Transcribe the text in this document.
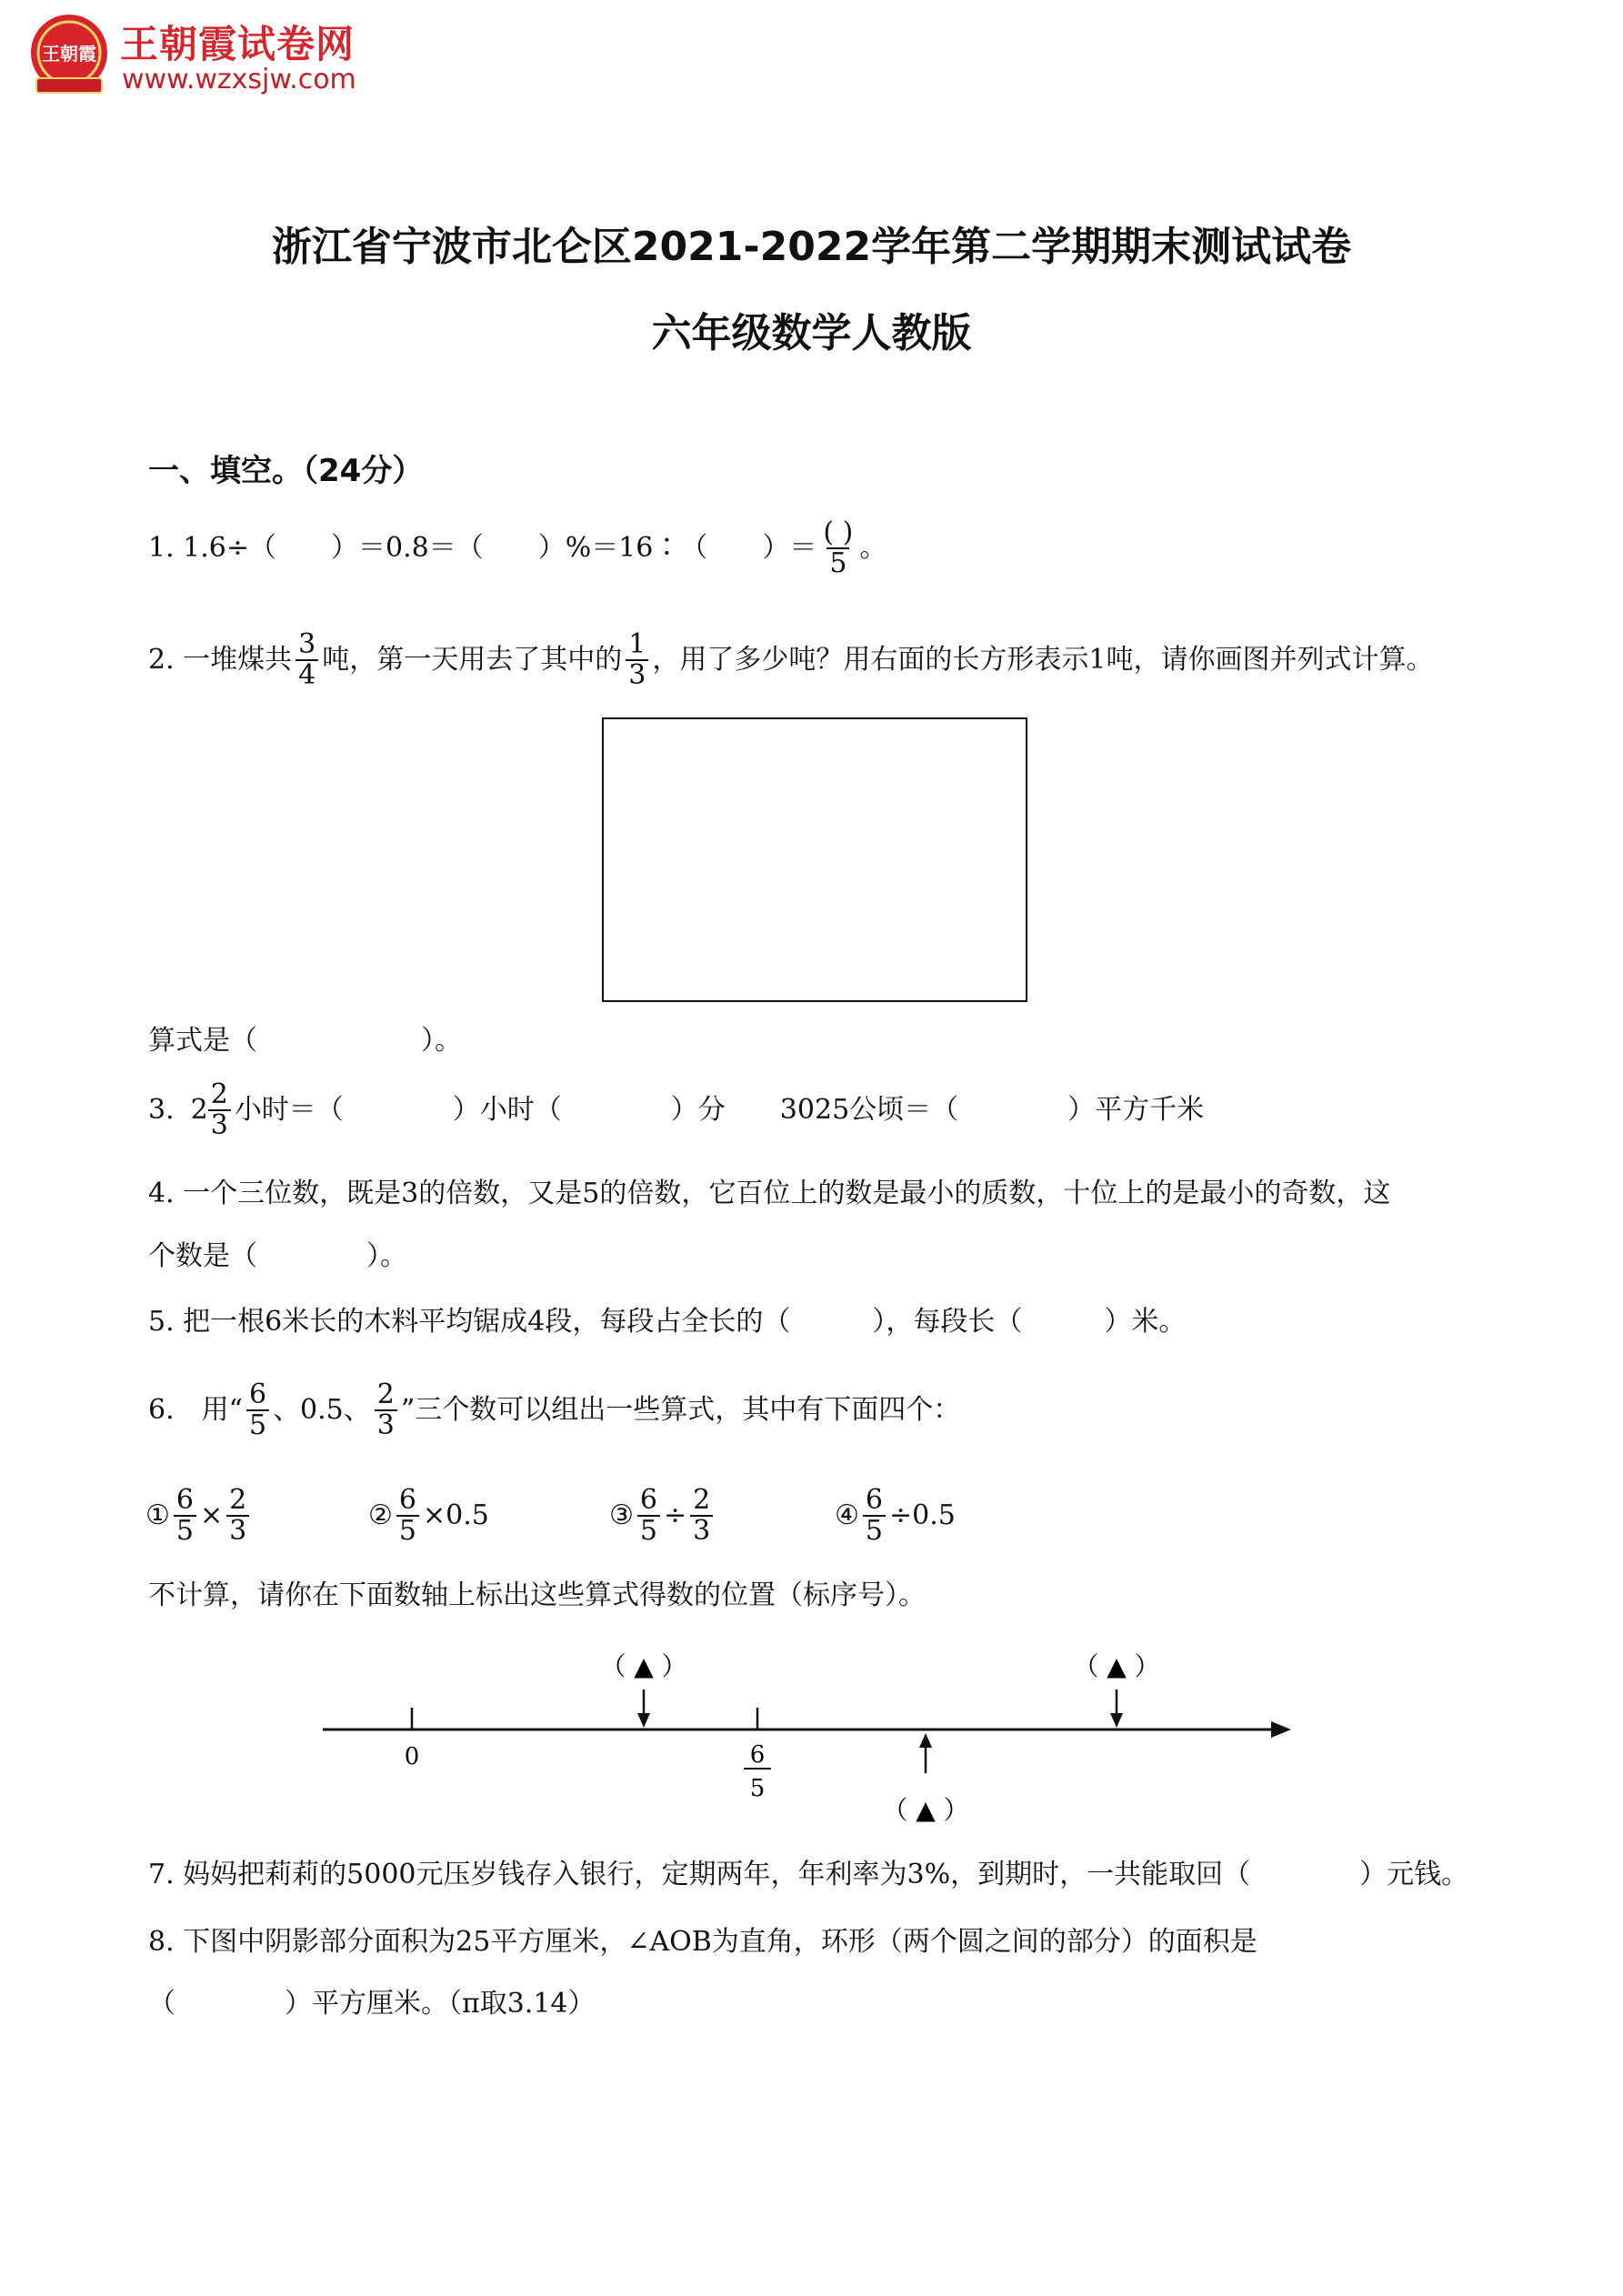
王朝霞 王朝霞试卷网
www.wzxsjw.com
浙江省宁波市北仑区2021-2022学年第二学期期末测试试卷
六年级数学人教版
一、填空。（24分）
1. 1.6÷（　　）＝0.8＝（　　）%＝16∶（　　）＝ $\frac{( )}{5}$ 。
2. 一堆煤共 $\frac{3}{4}$ 吨，第一天用去了其中的 $\frac{1}{3}$ ，用了多少吨？用右面的长方形表示1吨，请你画图并列式计算。
算式是（　　　　　　）。
3. $2 \frac{2}{3}$ 小时＝（　　　　）小时（　　　　）分　　3025公顷＝（　　　　）平方千米
4. 一个三位数，既是3的倍数，又是5的倍数，它百位上的数是最小的质数，十位上的是最小的奇数，这
个数是（　　　　）。
5. 把一根6米长的木料平均锯成4段，每段占全长的（　　　），每段长（　　　）米。
6.　用“ $\frac{6}{5}$ 、0.5、 $\frac{2}{3}$ ”三个数可以组出一些算式，其中有下面四个：
① $\frac{6}{5} \times \frac{2}{3}$	② $\frac{6}{5} \times 0.5$	③ $\frac{6}{5} \div \frac{2}{3}$	④ $\frac{6}{5} \div 0.5$
不计算，请你在下面数轴上标出这些算式得数的位置（标序号）。
0	6
5
（ ▲ ）	（ ▲ ）
（ ▲ ）
7. 妈妈把莉莉的5000元压岁钱存入银行，定期两年，年利率为3%，到期时，一共能取回（　　　　）元钱。
8. 下图中阴影部分面积为25平方厘米，∠AOB为直角，环形（两个圆之间的部分）的面积是
（　　　　）平方厘米。（π取3.14）
